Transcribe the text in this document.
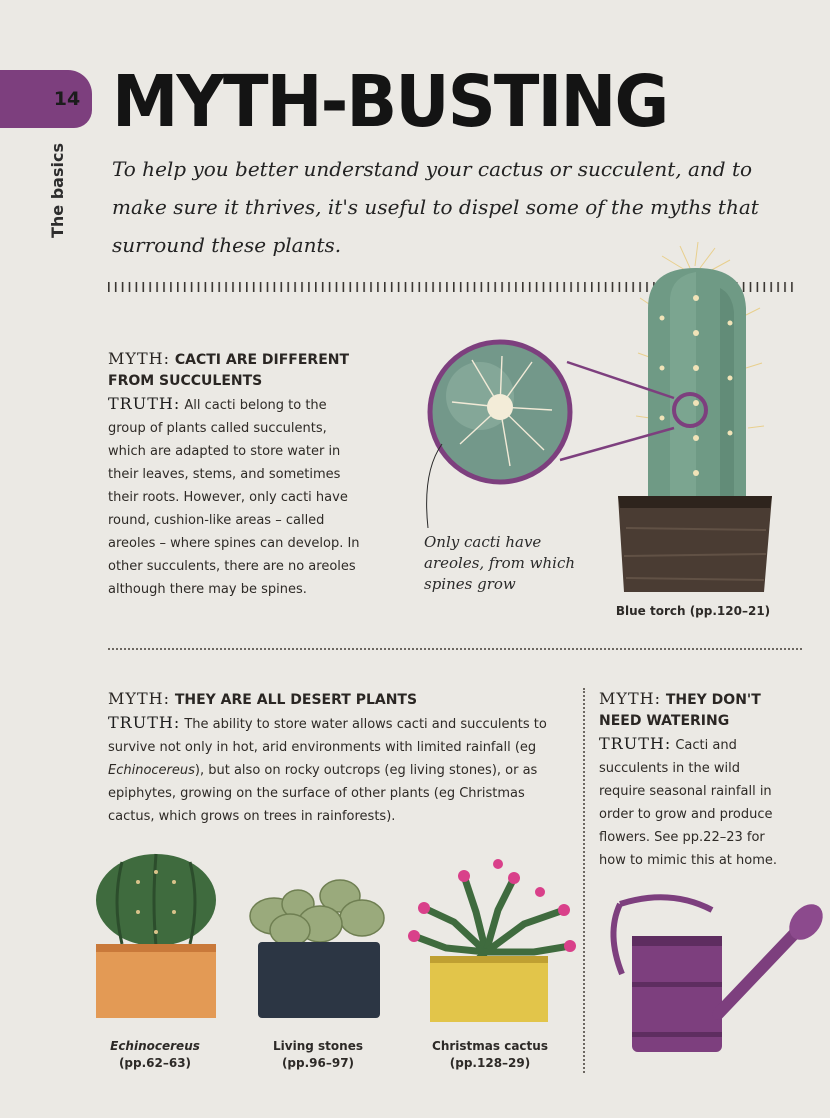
14
The basics
MYTH-BUSTING
To help you better understand your cactus or succulent, and to make sure it thrives, it's useful to dispel some of the myths that surround these plants.
MYTH: CACTI ARE DIFFERENT
FROM SUCCULENTS
TRUTH: All cacti belong to the group of plants called succulents, which are adapted to store water in their leaves, stems, and sometimes their roots. However, only cacti have round, cushion-like areas – called areoles – where spines can develop. In other succulents, there are no areoles although there may be spines.
Only cacti have areoles, from which spines grow
Blue torch (pp.120–21)
MYTH: THEY ARE ALL DESERT PLANTS
TRUTH: The ability to store water allows cacti and succulents to survive not only in hot, arid environments with limited rainfall (eg Echinocereus), but also on rocky outcrops (eg living stones), or as epiphytes, growing on the surface of other plants (eg Christmas cactus, which grows on trees in rainforests).
MYTH: THEY DON'T
NEED WATERING
TRUTH: Cacti and succulents in the wild require seasonal rainfall in order to grow and produce flowers. See pp.22–23 for how to mimic this at home.
Echinocereus
(pp.62–63)
Living stones
(pp.96–97)
Christmas cactus
(pp.128–29)
